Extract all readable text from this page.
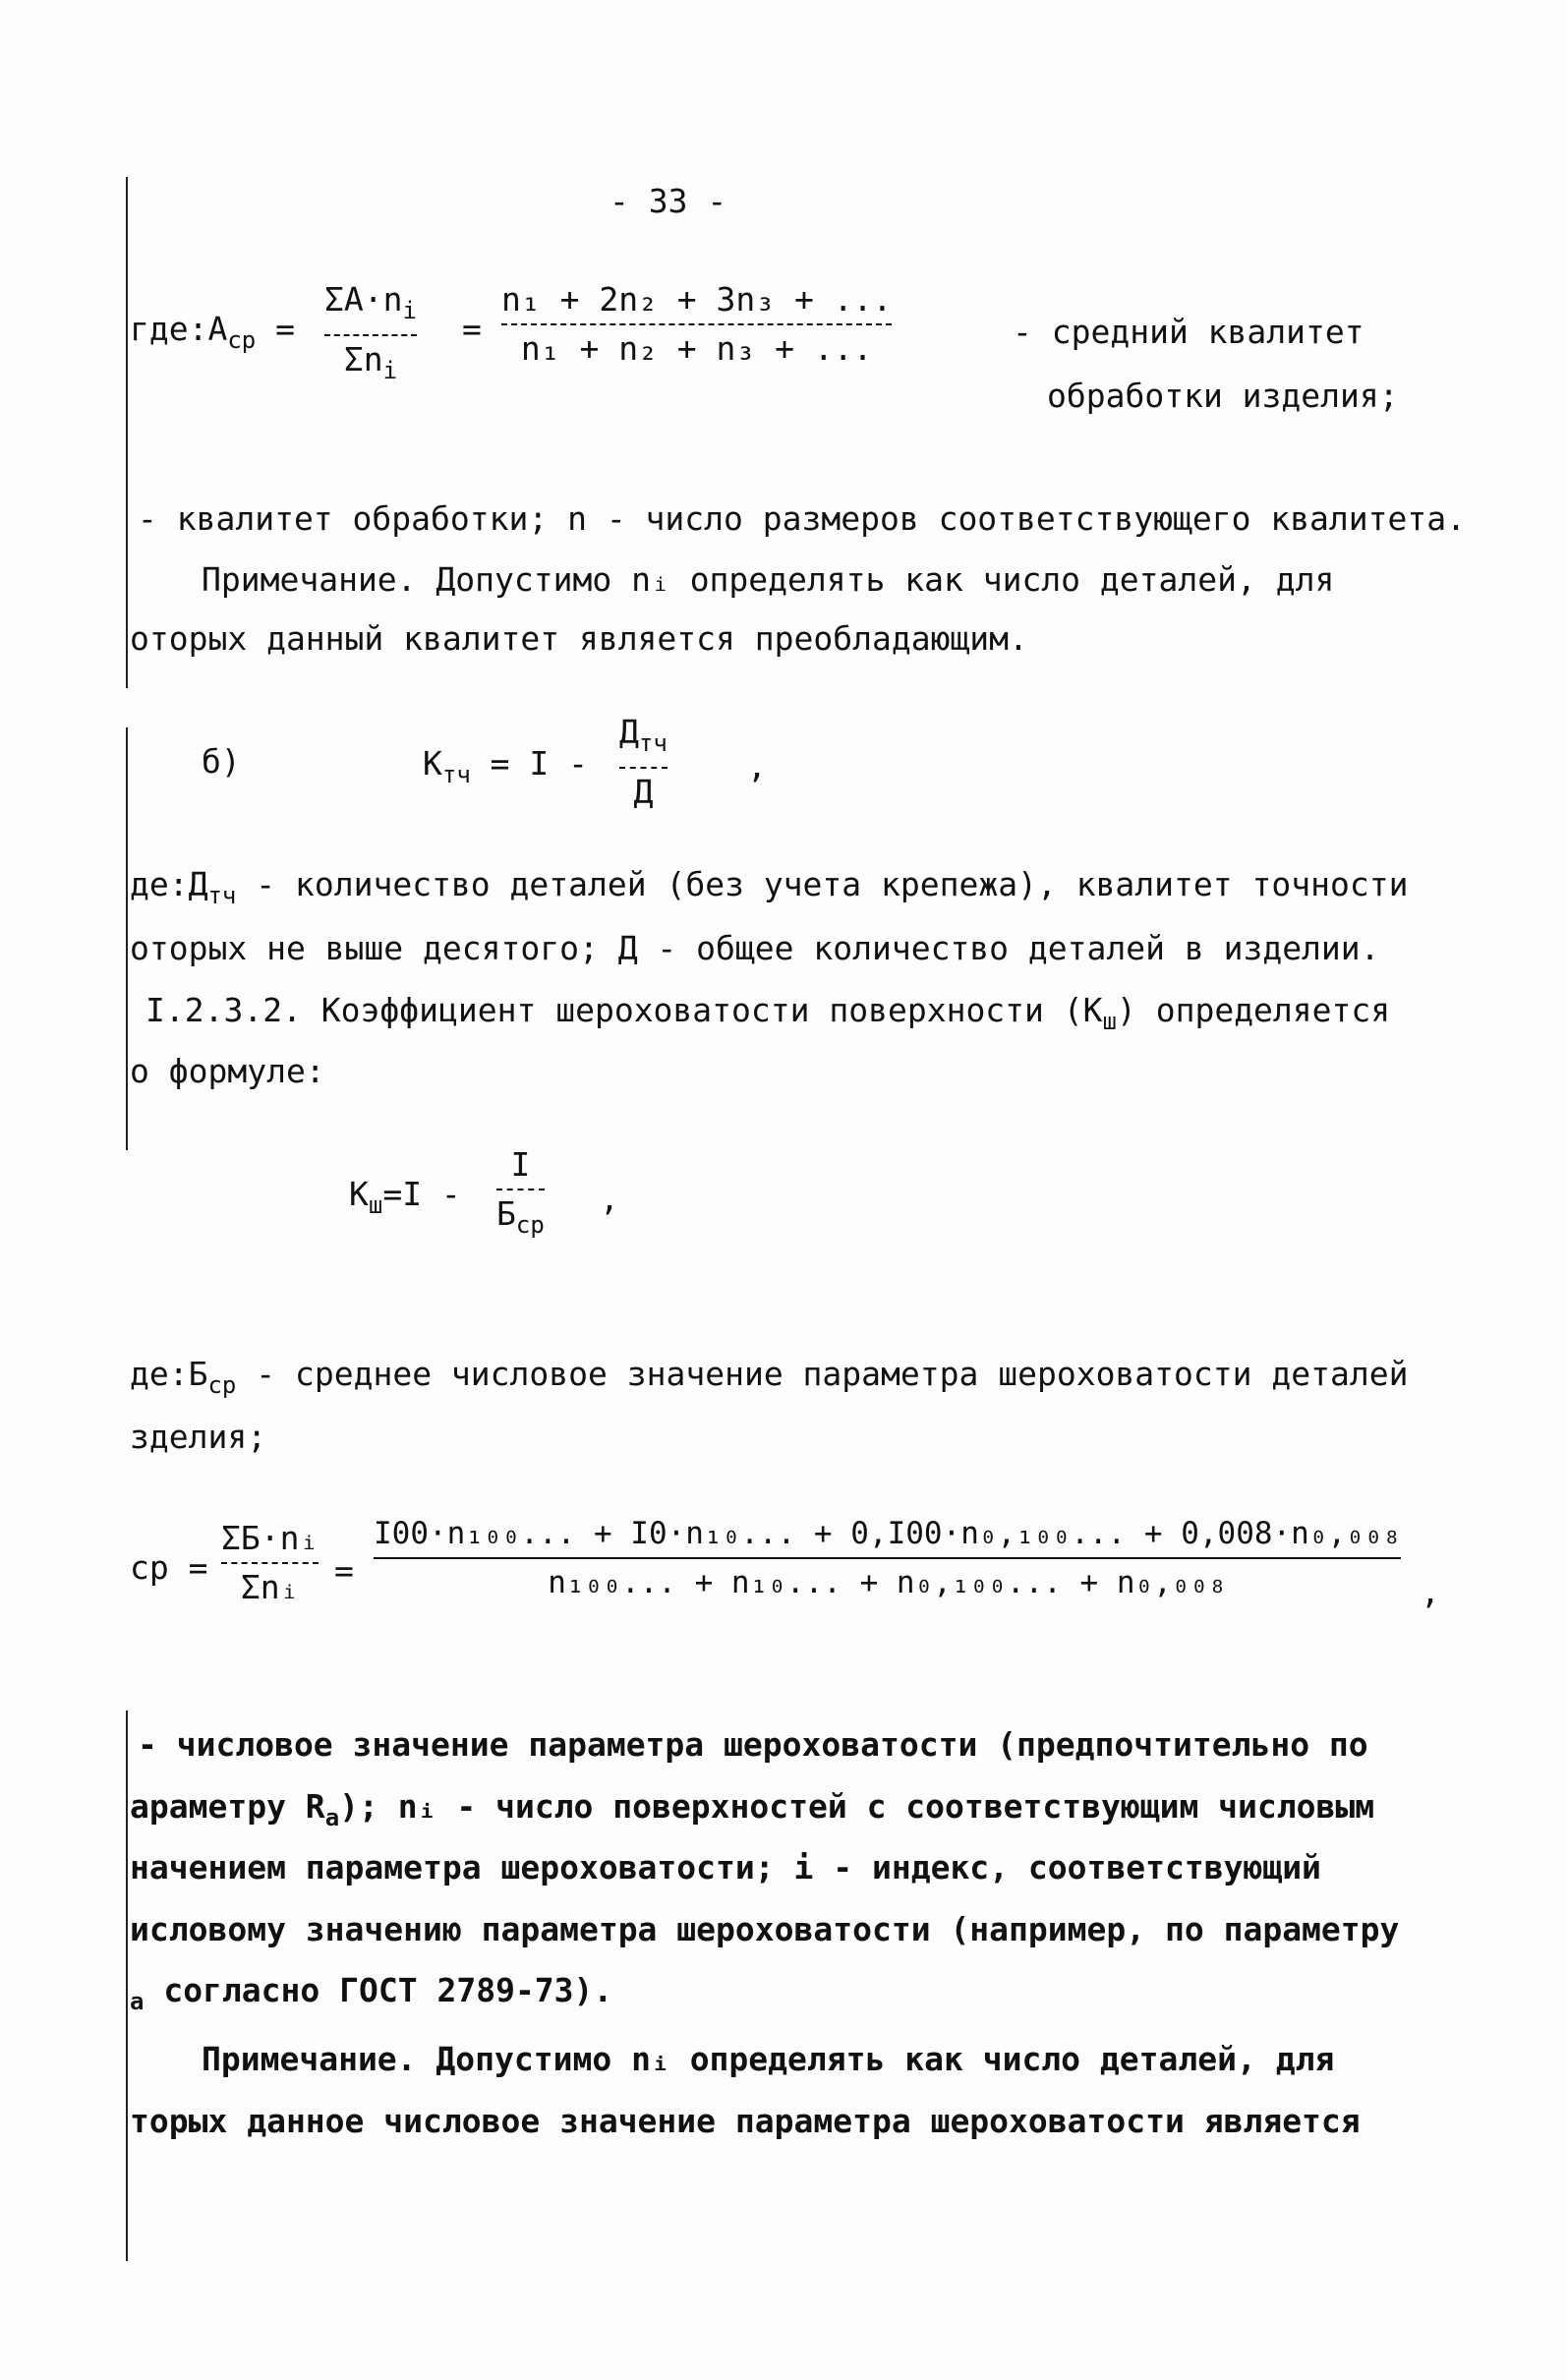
- 33 -
$где:А_{ср}$ =
$\Sigma А\cdot n_i$
$\Sigma n_i$
=
n₁ + 2n₂ + 3n₃ + ...
n₁ + n₂ + n₃ + ...	- средний квалитет
обработки изделия;
- квалитет обработки; n - число размеров соответствующего квалитета.
Примечание. Допустимо nᵢ определять как число деталей, для
оторых данный квалитет является преобладающим.
б)	$К_{тч} = I$ -
$Д_{тч}$
Д
,
$де:Д_{тч}$ - количество деталей (без учета крепежа), квалитет точности
оторых не выше десятого; Д - общее количество деталей в изделии.
I.2.3.2. Коэффициент шероховатости поверхности $(К_ш)$ определяется
о формуле:
$К_ш=I$ -
I
$Б_{ср}$
,
$де:Б_{ср}$ - среднее числовое значение параметра шероховатости деталей
зделия;
ср =
ΣБ·nᵢ
Σnᵢ =
I00·n₁₀₀... + I0·n₁₀... + 0,I00·n₀,₁₀₀... + 0,008·n₀,₀₀₈
n₁₀₀... + n₁₀... + n₀,₁₀₀... + n₀,₀₀₈	,
- числовое значение параметра шероховатости (предпочтительно по
араметру $R_a$); nᵢ - число поверхностей с соответствующим числовым
начением параметра шероховатости; i - индекс, соответствующий
исловому значению параметра шероховатости (например, по параметру
$_a$ согласно ГОСТ 2789-73).
Примечание. Допустимо nᵢ определять как число деталей, для
торых данное числовое значение параметра шероховатости является
